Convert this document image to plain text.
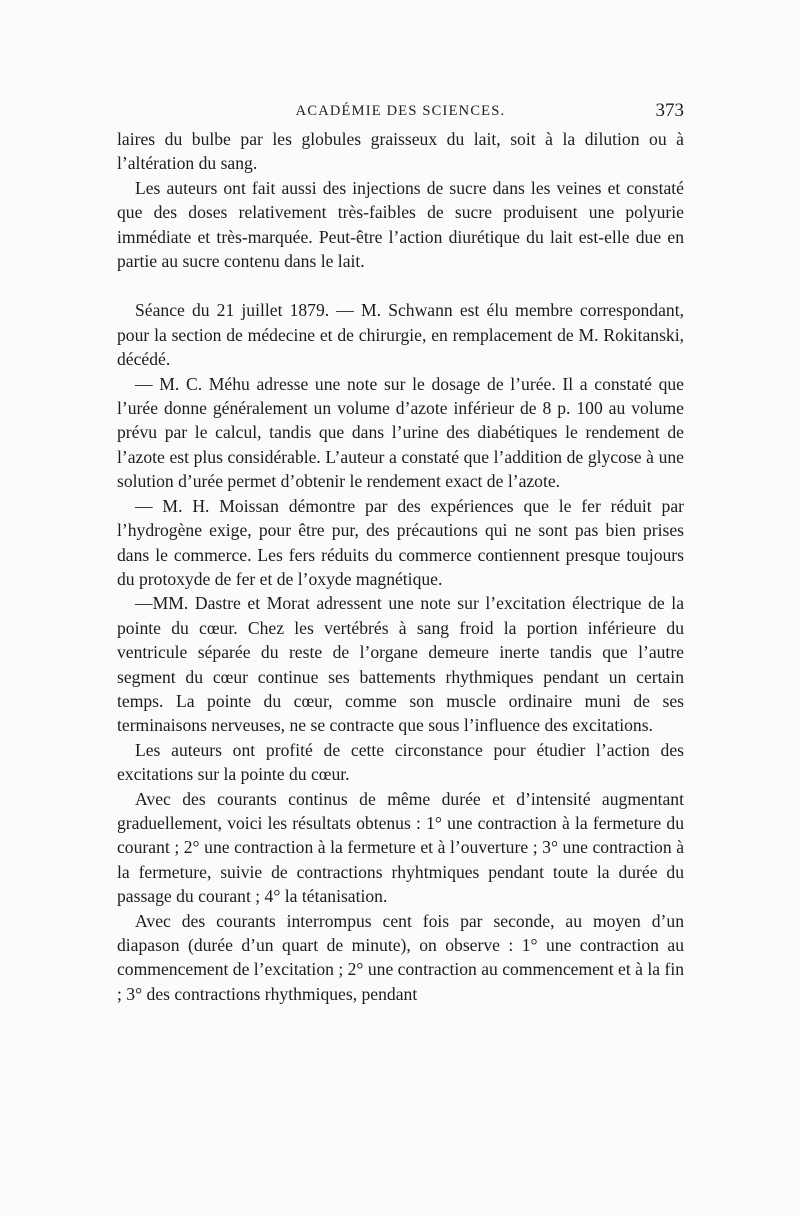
ACADÉMIE DES SCIENCES.	373

laires du bulbe par les globules graisseux du lait, soit à la dilution ou à l’altération du sang.

Les auteurs ont fait aussi des injections de sucre dans les veines et constaté que des doses relativement très-faibles de sucre produisent une polyurie immédiate et très-marquée. Peut-être l’action diurétique du lait est-elle due en partie au sucre contenu dans le lait.

Séance du 21 juillet 1879. — M. Schwann est élu membre correspondant, pour la section de médecine et de chirurgie, en remplacement de M. Rokitanski, décédé.

— M. C. Méhu adresse une note sur le dosage de l’urée. Il a constaté que l’urée donne généralement un volume d’azote inférieur de 8 p. 100 au volume prévu par le calcul, tandis que dans l’urine des diabétiques le rendement de l’azote est plus considérable. L’auteur a constaté que l’addition de glycose à une solution d’urée permet d’obtenir le rendement exact de l’azote.

— M. H. Moissan démontre par des expériences que le fer réduit par l’hydrogène exige, pour être pur, des précautions qui ne sont pas bien prises dans le commerce. Les fers réduits du commerce contiennent presque toujours du protoxyde de fer et de l’oxyde magnétique.

—MM. Dastre et Morat adressent une note sur l’excitation électrique de la pointe du cœur. Chez les vertébrés à sang froid la portion inférieure du ventricule séparée du reste de l’organe demeure inerte tandis que l’autre segment du cœur continue ses battements rhythmiques pendant un certain temps. La pointe du cœur, comme son muscle ordinaire muni de ses terminaisons nerveuses, ne se contracte que sous l’influence des excitations.

Les auteurs ont profité de cette circonstance pour étudier l’action des excitations sur la pointe du cœur.

Avec des courants continus de même durée et d’intensité augmentant graduellement, voici les résultats obtenus : 1° une contraction à la fermeture du courant ; 2° une contraction à la fermeture et à l’ouverture ; 3° une contraction à la fermeture, suivie de contractions rhyhtmiques pendant toute la durée du passage du courant ; 4° la tétanisation.

Avec des courants interrompus cent fois par seconde, au moyen d’un diapason (durée d’un quart de minute), on observe : 1° une contraction au commencement de l’excitation ; 2° une contraction au commencement et à la fin ; 3° des contractions rhythmiques, pendant
